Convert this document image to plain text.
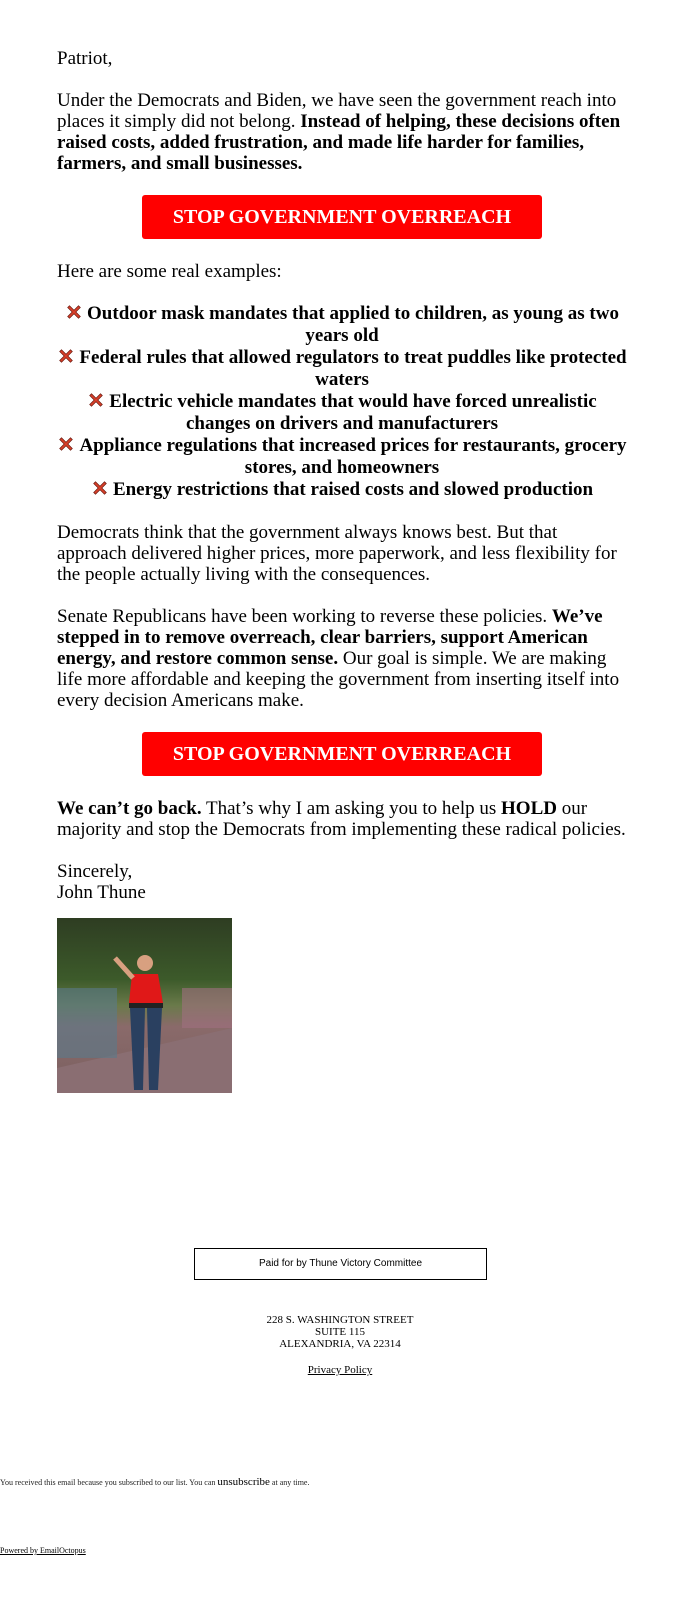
Patriot,

Under the Democrats and Biden, we have seen the government reach into places it simply did not belong. Instead of helping, these decisions often raised costs, added frustration, and made life harder for families, farmers, and small businesses.

STOP GOVERNMENT OVERREACH

Here are some real examples:

Outdoor mask mandates that applied to children, as young as two years old
Federal rules that allowed regulators to treat puddles like protected waters
Electric vehicle mandates that would have forced unrealistic changes on drivers and manufacturers
Appliance regulations that increased prices for restaurants, grocery stores, and homeowners
Energy restrictions that raised costs and slowed production

Democrats think that the government always knows best. But that approach delivered higher prices, more paperwork, and less flexibility for the people actually living with the consequences.

Senate Republicans have been working to reverse these policies. We’ve stepped in to remove overreach, clear barriers, support American energy, and restore common sense. Our goal is simple. We are making life more affordable and keeping the government from inserting itself into every decision Americans make.

STOP GOVERNMENT OVERREACH

We can’t go back. That’s why I am asking you to help us HOLD our majority and stop the Democrats from implementing these radical policies.

Sincerely,
John Thune
Paid for by Thune Victory Committee
228 S. WASHINGTON STREET
SUITE 115
ALEXANDRIA, VA 22314
Privacy Policy
You received this email because you subscribed to our list. You can unsubscribe at any time.
Powered by EmailOctopus
